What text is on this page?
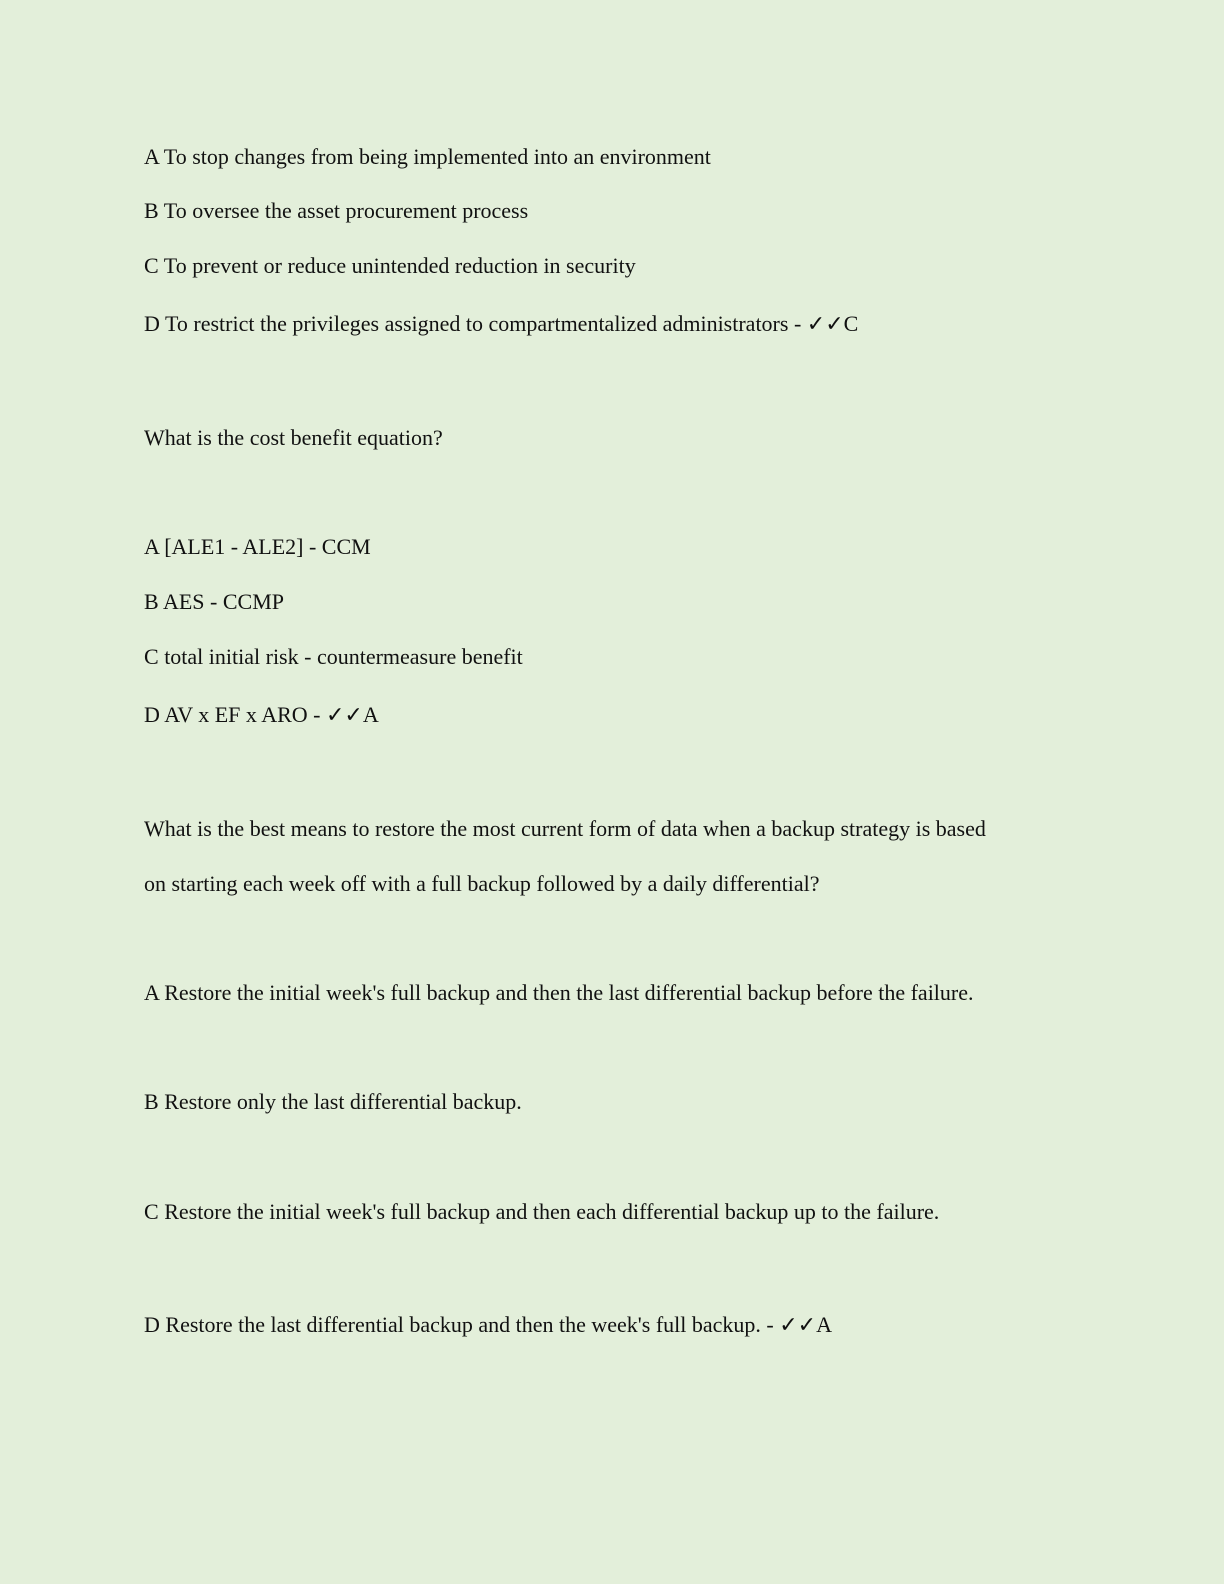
A To stop changes from being implemented into an environment

B To oversee the asset procurement process

C To prevent or reduce unintended reduction in security

D To restrict the privileges assigned to compartmentalized administrators - ✓✓C

What is the cost benefit equation?

A [ALE1 - ALE2] - CCM

B AES - CCMP

C total initial risk - countermeasure benefit

D AV x EF x ARO - ✓✓A

What is the best means to restore the most current form of data when a backup strategy is based

on starting each week off with a full backup followed by a daily differential?

A Restore the initial week's full backup and then the last differential backup before the failure.

B Restore only the last differential backup.

C Restore the initial week's full backup and then each differential backup up to the failure.

D Restore the last differential backup and then the week's full backup. - ✓✓A
